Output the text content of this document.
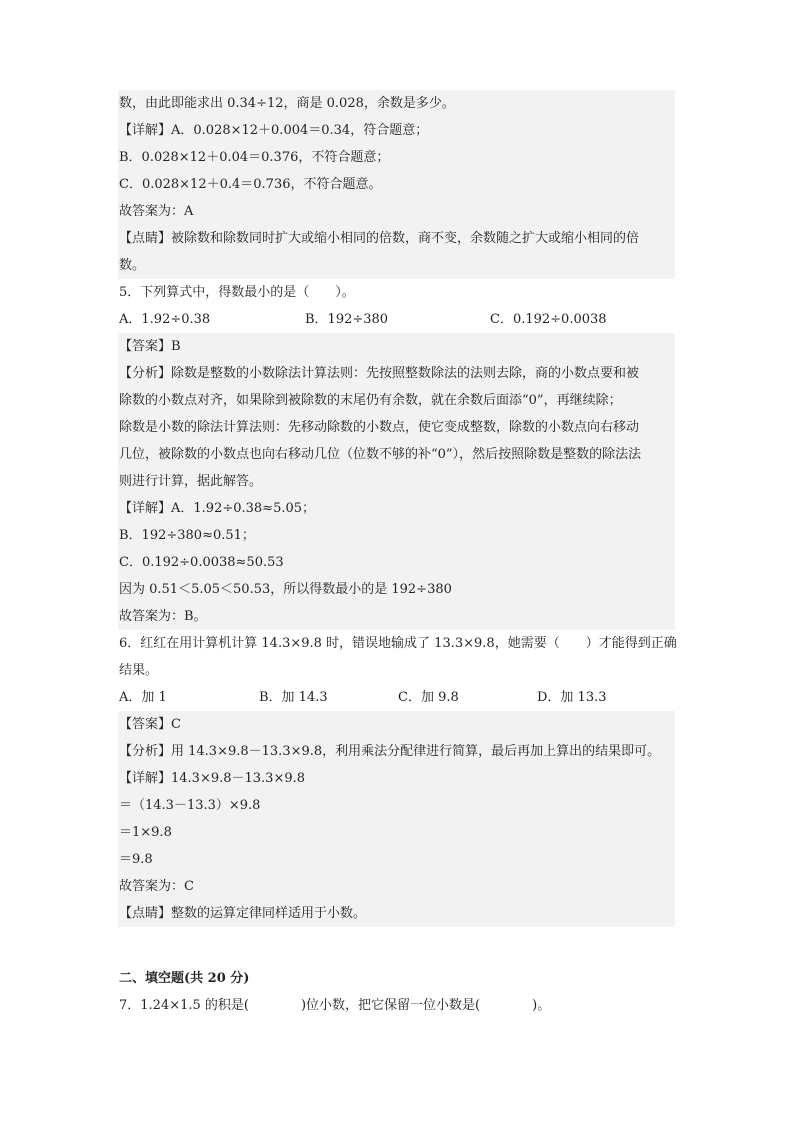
数，由此即能求出 0.34÷12，商是 0.028，余数是多少。
【详解】A．0.028×12＋0.004＝0.34，符合题意；
B．0.028×12＋0.04＝0.376，不符合题意；
C．0.028×12＋0.4＝0.736，不符合题意。
故答案为：A
【点睛】被除数和除数同时扩大或缩小相同的倍数，商不变，余数随之扩大或缩小相同的倍
数。
5．下列算式中，得数最小的是（　　）。
A．1.92÷0.38	B．192÷380	C．0.192÷0.0038
【答案】B
【分析】除数是整数的小数除法计算法则：先按照整数除法的法则去除，商的小数点要和被
除数的小数点对齐，如果除到被除数的末尾仍有余数，就在余数后面添“0”，再继续除；
除数是小数的除法计算法则：先移动除数的小数点，使它变成整数，除数的小数点向右移动
几位，被除数的小数点也向右移动几位（位数不够的补“0”），然后按照除数是整数的除法法
则进行计算，据此解答。
【详解】A．1.92÷0.38≈5.05；
B．192÷380≈0.51；
C．0.192÷0.0038≈50.53
因为 0.51＜5.05＜50.53，所以得数最小的是 192÷380
故答案为：B。
6．红红在用计算机计算 14.3×9.8 时，错误地输成了 13.3×9.8，她需要（　　）才能得到正确
结果。
A．加 1	B．加 14.3	C．加 9.8	D．加 13.3
【答案】C
【分析】用 14.3×9.8－13.3×9.8，利用乘法分配律进行简算，最后再加上算出的结果即可。
【详解】14.3×9.8－13.3×9.8
＝（14.3－13.3）×9.8
＝1×9.8
＝9.8
故答案为：C
【点睛】整数的运算定律同样适用于小数。
二、填空题(共 20 分)
7．1.24×1.5 的积是(　　　　)位小数，把它保留一位小数是(　　　　)。
